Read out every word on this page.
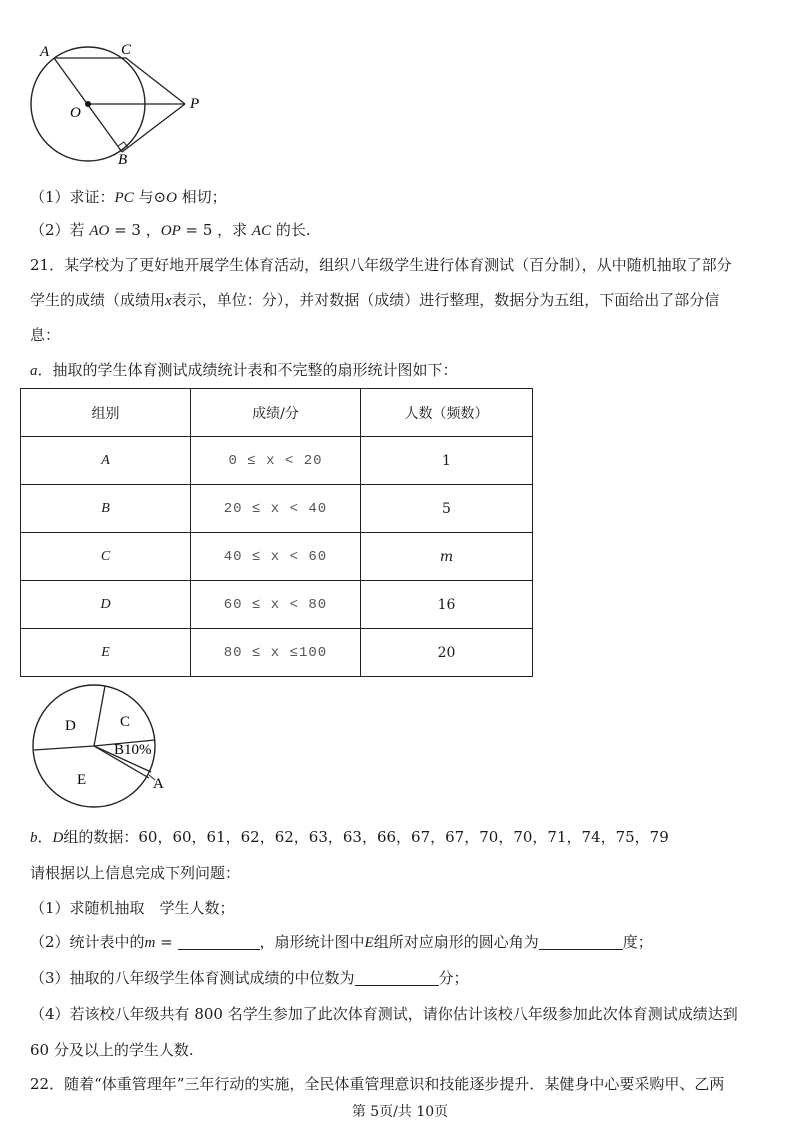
A	C
O
P
B
（1）求证：PC 与⊙O 相切；
（2）若 AO = 3 ，OP = 5 ，求 AC 的长.
21．某学校为了更好地开展学生体育活动，组织八年级学生进行体育测试（百分制），从中随机抽取了部分
学生的成绩（成绩用x表示，单位：分），并对数据（成绩）进行整理，数据分为五组，下面给出了部分信
息：
a．抽取的学生体育测试成绩统计表和不完整的扇形统计图如下：
组别	成绩/分	人数（频数）
A	0 ≤ x < 20	1
B	20 ≤ x < 40	5
C	40 ≤ x < 60	m
D	60 ≤ x < 80	16
E	80 ≤ x ≤100	20
D	C
B10%
E	A
b．D组的数据：60，60，61，62，62，63，63，66，67，67，70，70，71，74，75，79
请根据以上信息完成下列问题：
（1）求随机抽取　学生人数；
（2）统计表中的m =	，扇形统计图中E组所对应扇形的圆心角为	度；
（3）抽取的八年级学生体育测试成绩的中位数为	分；
（4）若该校八年级共有 800 名学生参加了此次体育测试，请你估计该校八年级参加此次体育测试成绩达到
60 分及以上的学生人数.
22．随着“体重管理年”三年行动的实施，全民体重管理意识和技能逐步提升．某健身中心要采购甲、乙两
第 5页/共 10页
